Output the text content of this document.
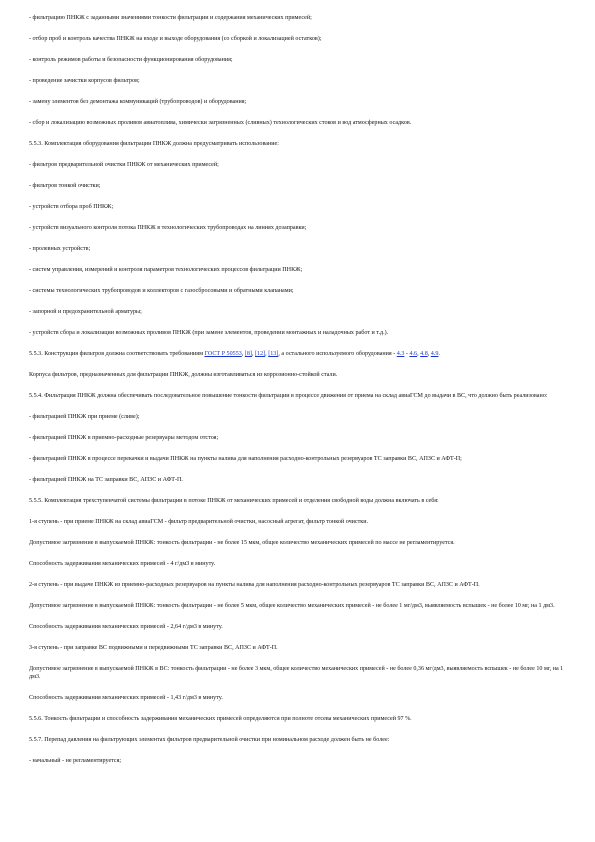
- фильтрацию ПНКЖ с заданными значениями тонкости фильтрации и содержания механических примесей;

- отбор проб и контроль качества ПНКЖ на входе и выходе оборудования (со сборкой и локализацией остатков);

- контроль режимов работы и безопасности функционирования оборудования;

- проведение зачистки корпусов фильтров;

- замену элементов без демонтажа коммуникаций (трубопроводов) и оборудования;

- сбор и локализацию возможных проливов авиатоплива, химически загрязненных (сливных) технологических стоков и вод атмосферных осадков.

5.5.3. Комплектация оборудования фильтрации ПНКЖ должна предусматривать использование:

- фильтров предварительной очистки ПНКЖ от механических примесей;

- фильтров тонкой очистки;

- устройств отбора проб ПНКЖ;

- устройств визуального контроля потока ПНКЖ в технологических трубопроводах на линиях дозаправки;

- пролевных устройств;

- систем управления, измерений и контроля параметров технологических процессов фильтрации ПНКЖ;

- системы технологических трубопроводов и коллекторов с газосбросовыми и обратными клапанами;

- запорной и предохранительной арматуры;

- устройств сбора и локализации возможных проливов ПНКЖ (при замене элементов, проведении монтажных и наладочных работ и т.д.).

5.5.3. Конструкция фильтров должна соответствовать требованиям ГОСТ Р 50553, [8], [12], [13], а остального используемого оборудования - 4.3 - 4.6, 4.8, 4.9.

Корпуса фильтров, предназначенных для фильтрации ПНКЖ, должны изготавливаться из коррозионно-стойкой стали.

5.5.4. Фильтрация ПНКЖ должна обеспечивать последовательное повышение тонкости фильтрации в процессе движения от приема на склад авиаГСМ до выдачи в ВС, что должно быть реализовано:

- фильтрацией ПНКЖ при приеме (сливе);

- фильтрацией ПНКЖ в приемно-расходные резервуары методом отстоя;

- фильтрацией ПНКЖ в процессе перекачки и выдачи ПНКЖ на пункты налива для наполнения расходно-контрольных резервуаров ТС заправки ВС, АПЗС и АФТ-П;

- фильтрацией ПНКЖ на ТС заправки ВС, АПЗС и АФТ-П.

5.5.5. Комплектация трехступенчатой системы фильтрации в потоке ПНКЖ от механических примесей и отделения свободной воды должна включать в себя:

1-я ступень - при приеме ПНКЖ на склад авиаГСМ - фильтр предварительной очистки, насосный агрегат, фильтр тонкой очистки.

Допустимое загрязнение в выпускаемой ПНКЖ: тонкость фильтрации - не более 15 мкм, общее количество механических примесей по массе не регламентируется.

Способность задерживания механических примесей - 4 г/дм3 в минуту.

2-я ступень - при выдаче ПНКЖ из приемно-расходных резервуаров на пункты налива для наполнения расходно-контрольных резервуаров ТС заправки ВС, АПЗС и АФТ-П.

Допустимое загрязнение в выпускаемой ПНКЖ: тонкость фильтрации - не более 5 мкм, общее количество механических примесей - не более 1 мг/дм3, выявляемость вспышек - не более 10 мг, на 1 дм3.

Способность задерживания механических примесей - 2,64 г/дм3 в минуту.

3-я ступень - при заправке ВС подвижными и передвижными ТС заправки ВС, АПЗС и АФТ-П.

Допустимое загрязнение в выпускаемой ПНКЖ в ВС: тонкость фильтрации - не более 3 мкм, общее количество механических примесей - не более 0,36 мг/дм3, выявляемость вспышек - не более 10 мг, на 1 дм3.

Способность задерживания механических примесей - 1,43 г/дм3 в минуту.

5.5.6. Тонкость фильтрации и способность задерживания механических примесей определяются при полноте отсева механических примесей 97 %.

5.5.7. Перепад давления на фильтрующих элементах фильтров предварительной очистки при номинальном расходе должен быть не более:

- начальный - не регламентируется;
